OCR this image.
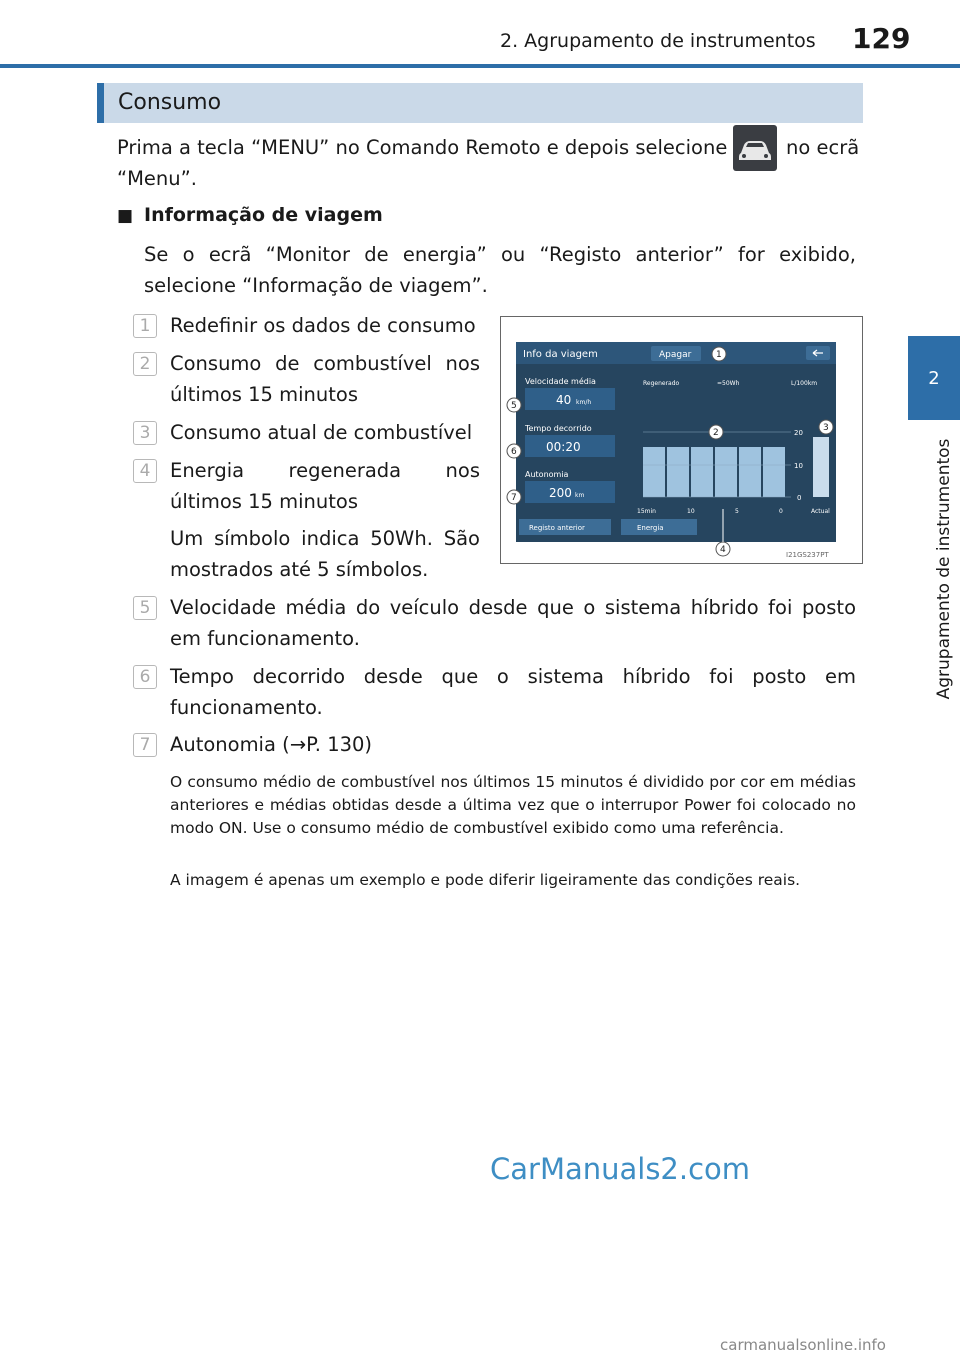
2. Agrupamento de instrumentos 129
2
Agrupamento de instrumentos
Consumo
Prima a tecla “MENU” no Comando Remoto e depois selecione	no ecrã
“Menu”.
■ Informação de viagem
Se o ecrã “Monitor de energia” ou “Registo anterior” for exibido, selecione “Informação de viagem”.
1	Redefinir os dados de consumo
2	Consumo de combustível nos últimos 15 minutos
3	Consumo atual de combustível
4	Energia regenerada nos últimos 15 minutos
Um símbolo indica 50Wh. São mostrados até 5 símbolos.
Info da viagem	Apagar
Velocidade média
40 km/h
Tempo decorrido
00:20
Autonomia
200 km
Regenerado	=50Wh	L/100km
20
10
0
15min	10	5	0	Actual
Registo anterior	Energia
1
2	3
4
5
6
7
I21GS237PT
5	Velocidade média do veículo desde que o sistema híbrido foi posto em funcionamento.
6	Tempo decorrido desde que o sistema híbrido foi posto em funcionamento.
7	Autonomia (→P. 130)
O consumo médio de combustível nos últimos 15 minutos é dividido por cor em médias anteriores e médias obtidas desde a última vez que o interrupor Power foi colocado no modo ON. Use o consumo médio de combustível exibido como uma referência.
A imagem é apenas um exemplo e pode diferir ligeiramente das condições reais.
CarManuals2.com
carmanualsonline.info
